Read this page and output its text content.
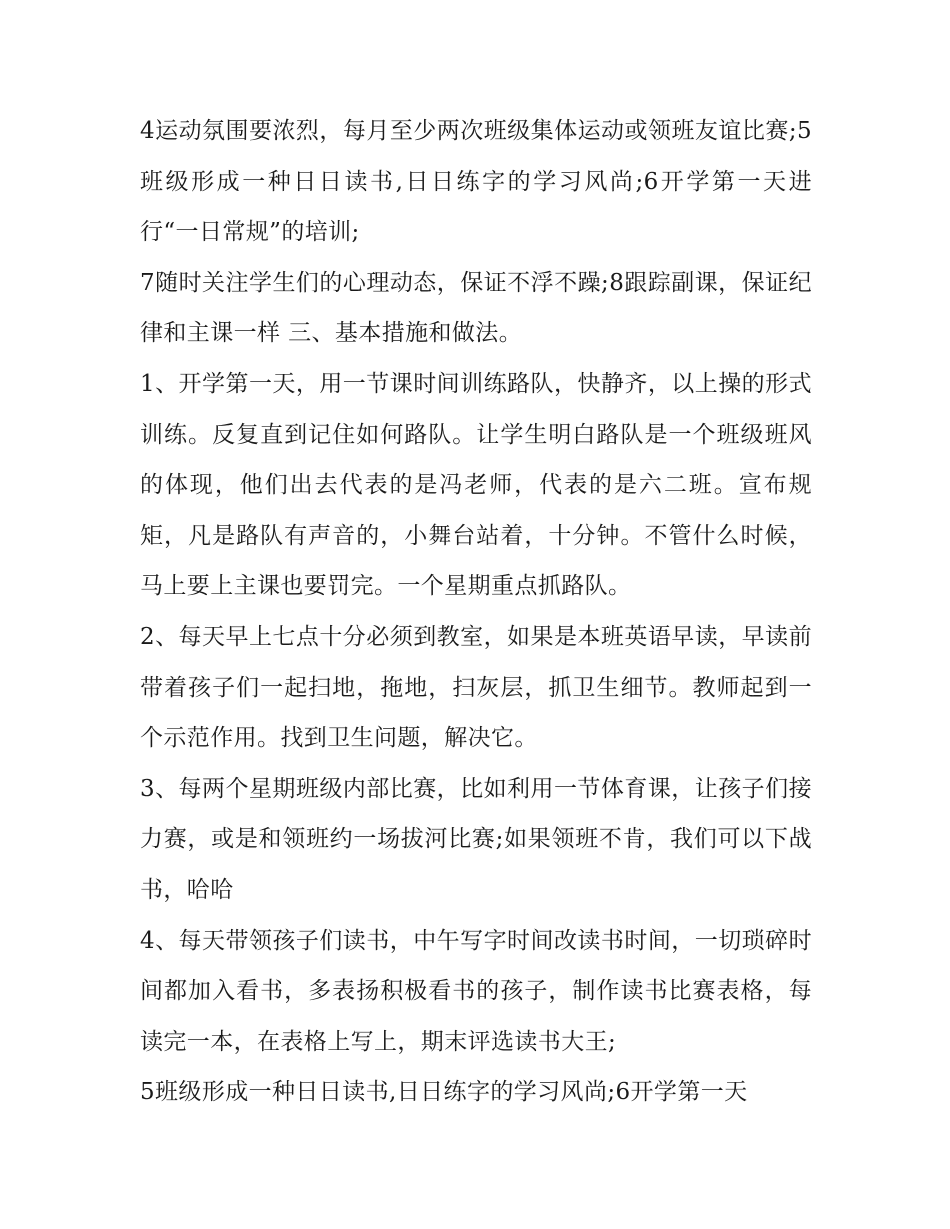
4运动氛围要浓烈，每月至少两次班级集体运动或领班友谊比赛;5班级形成一种日日读书,日日练字的学习风尚;6开学第一天进行“一日常规”的培训;

7随时关注学生们的心理动态，保证不浮不躁;8跟踪副课，保证纪律和主课一样 三、基本措施和做法。

1、开学第一天，用一节课时间训练路队，快静齐，以上操的形式训练。反复直到记住如何路队。让学生明白路队是一个班级班风的体现，他们出去代表的是冯老师，代表的是六二班。宣布规矩，凡是路队有声音的，小舞台站着，十分钟。不管什么时候，马上要上主课也要罚完。一个星期重点抓路队。

2、每天早上七点十分必须到教室，如果是本班英语早读，早读前带着孩子们一起扫地，拖地，扫灰层，抓卫生细节。教师起到一个示范作用。找到卫生问题，解决它。

3、每两个星期班级内部比赛，比如利用一节体育课，让孩子们接力赛，或是和领班约一场拔河比赛;如果领班不肯，我们可以下战书，哈哈

4、每天带领孩子们读书，中午写字时间改读书时间，一切琐碎时间都加入看书，多表扬积极看书的孩子，制作读书比赛表格，每读完一本，在表格上写上，期末评选读书大王;

5班级形成一种日日读书,日日练字的学习风尚;6开学第一天
